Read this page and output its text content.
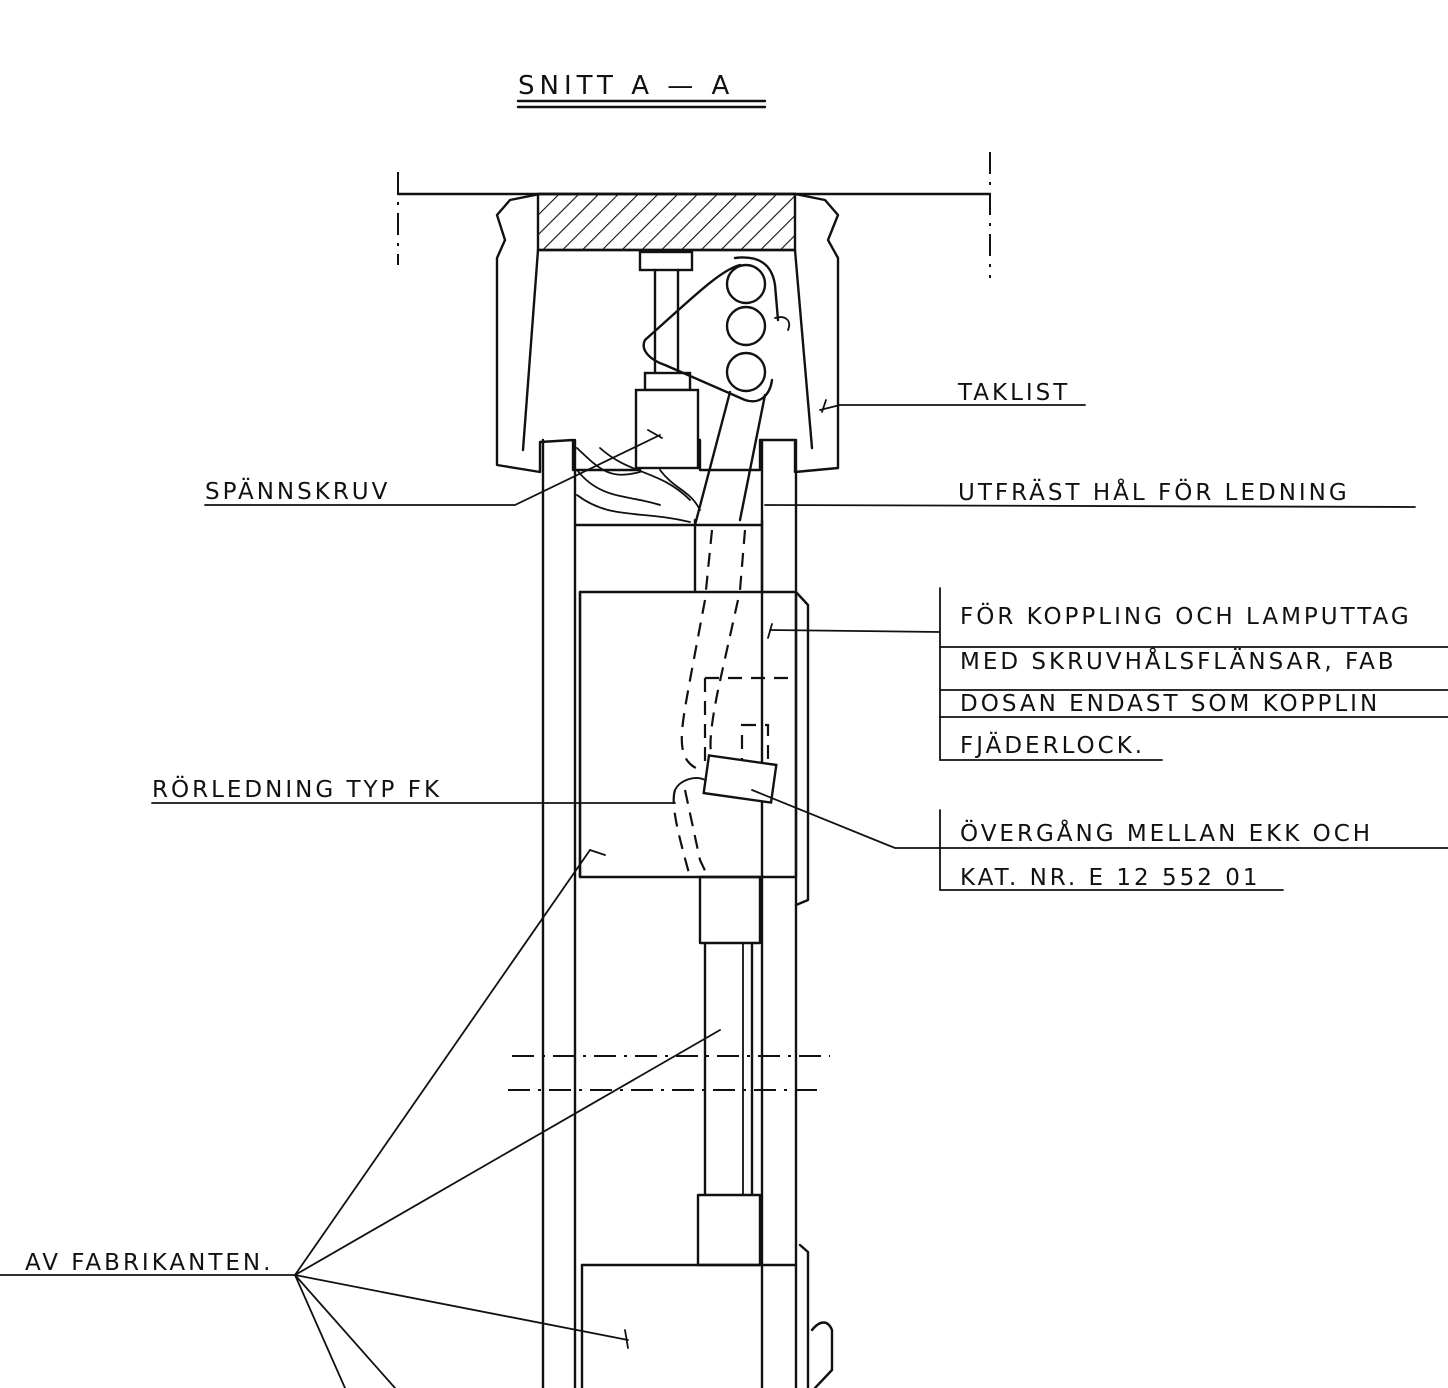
SNITT A — A
TAKLIST
UTFRÄST HÅL FÖR LEDNING
SPÄNNSKRUV
RÖRLEDNING TYP FK
AV FABRIKANTEN.
FÖR KOPPLING OCH LAMPUTTAG
MED SKRUVHÅLSFLÄNSAR, FAB
DOSAN ENDAST SOM KOPPLIN
FJÄDERLOCK.
ÖVERGÅNG MELLAN EKK OCH
KAT. NR. E 12 552 01
